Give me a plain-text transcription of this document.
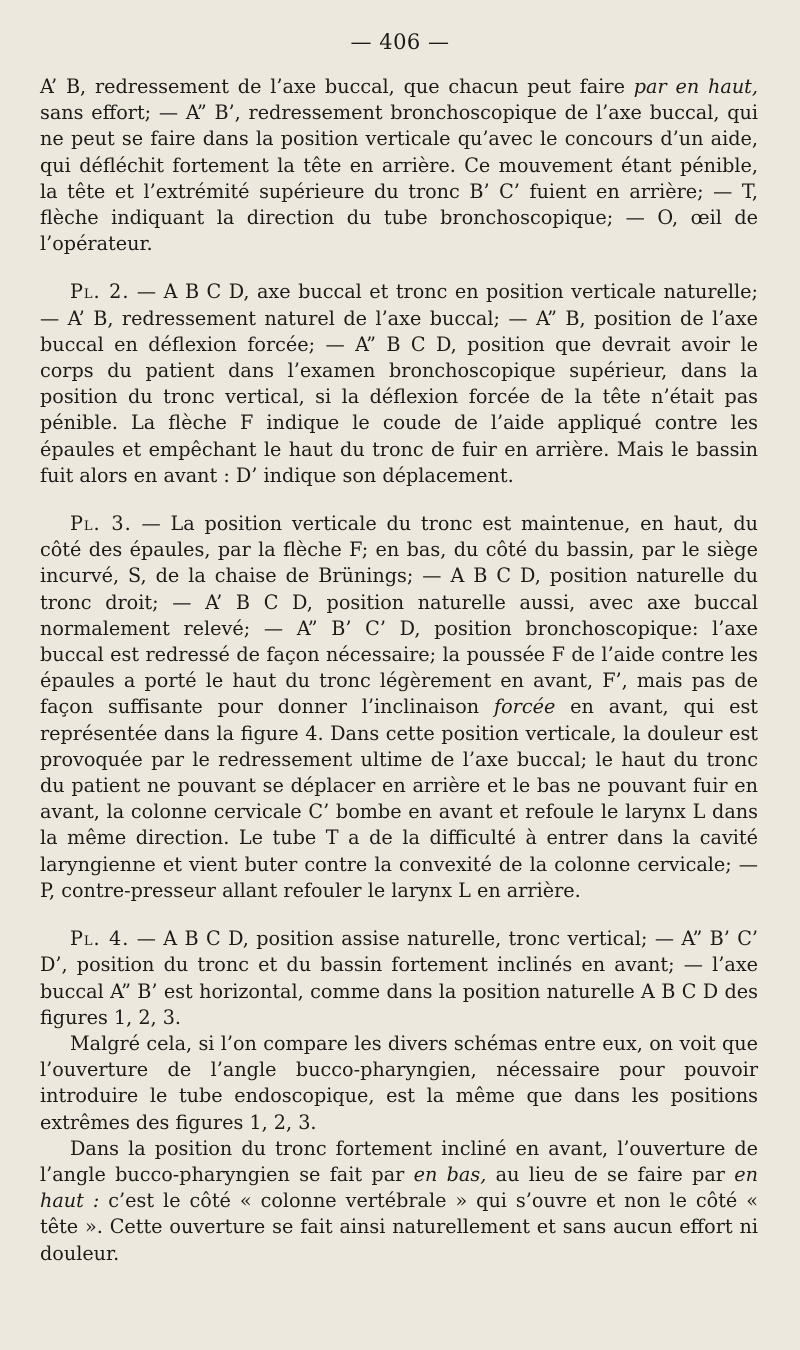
— 406 —

A’ B, redressement de l’axe buccal, que chacun peut faire par en haut, sans effort; — A” B’, redressement bronchoscopique de l’axe buccal, qui ne peut se faire dans la position verticale qu’avec le concours d’un aide, qui défléchit fortement la tête en arrière. Ce mouvement étant pénible, la tête et l’extrémité supérieure du tronc B’ C’ fuient en arrière; — T, flèche indiquant la direction du tube bronchoscopique; — O, œil de l’opérateur.

Pl. 2. — A B C D, axe buccal et tronc en position verticale naturelle; — A’ B, redressement naturel de l’axe buccal; — A” B, position de l’axe buccal en déflexion forcée; — A” B C D, position que devrait avoir le corps du patient dans l’examen bronchoscopique supérieur, dans la position du tronc vertical, si la déflexion forcée de la tête n’était pas pénible. La flèche F indique le coude de l’aide appliqué contre les épaules et empêchant le haut du tronc de fuir en arrière. Mais le bassin fuit alors en avant : D’ indique son déplacement.

Pl. 3. — La position verticale du tronc est maintenue, en haut, du côté des épaules, par la flèche F; en bas, du côté du bassin, par le siège incurvé, S, de la chaise de Brünings; — A B C D, position naturelle du tronc droit; — A’ B C D, position naturelle aussi, avec axe buccal normalement relevé; — A” B’ C’ D, position bronchoscopique: l’axe buccal est redressé de façon nécessaire; la poussée F de l’aide contre les épaules a porté le haut du tronc légèrement en avant, F’, mais pas de façon suffisante pour donner l’inclinaison forcée en avant, qui est représentée dans la figure 4. Dans cette position verticale, la douleur est provoquée par le redressement ultime de l’axe buccal; le haut du tronc du patient ne pouvant se déplacer en arrière et le bas ne pouvant fuir en avant, la colonne cervicale C’ bombe en avant et refoule le larynx L dans la même direction. Le tube T a de la difficulté à entrer dans la cavité laryngienne et vient buter contre la convexité de la colonne cervicale; — P, contre-presseur allant refouler le larynx L en arrière.

Pl. 4. — A B C D, position assise naturelle, tronc vertical; — A” B’ C’ D’, position du tronc et du bassin fortement inclinés en avant; — l’axe buccal A” B’ est horizontal, comme dans la position naturelle A B C D des figures 1, 2, 3.

Malgré cela, si l’on compare les divers schémas entre eux, on voit que l’ouverture de l’angle bucco-pharyngien, nécessaire pour pouvoir introduire le tube endoscopique, est la même que dans les positions extrêmes des figures 1, 2, 3.

Dans la position du tronc fortement incliné en avant, l’ouverture de l’angle bucco-pharyngien se fait par en bas, au lieu de se faire par en haut : c’est le côté « colonne vertébrale » qui s’ouvre et non le côté « tête ». Cette ouverture se fait ainsi naturellement et sans aucun effort ni douleur.
